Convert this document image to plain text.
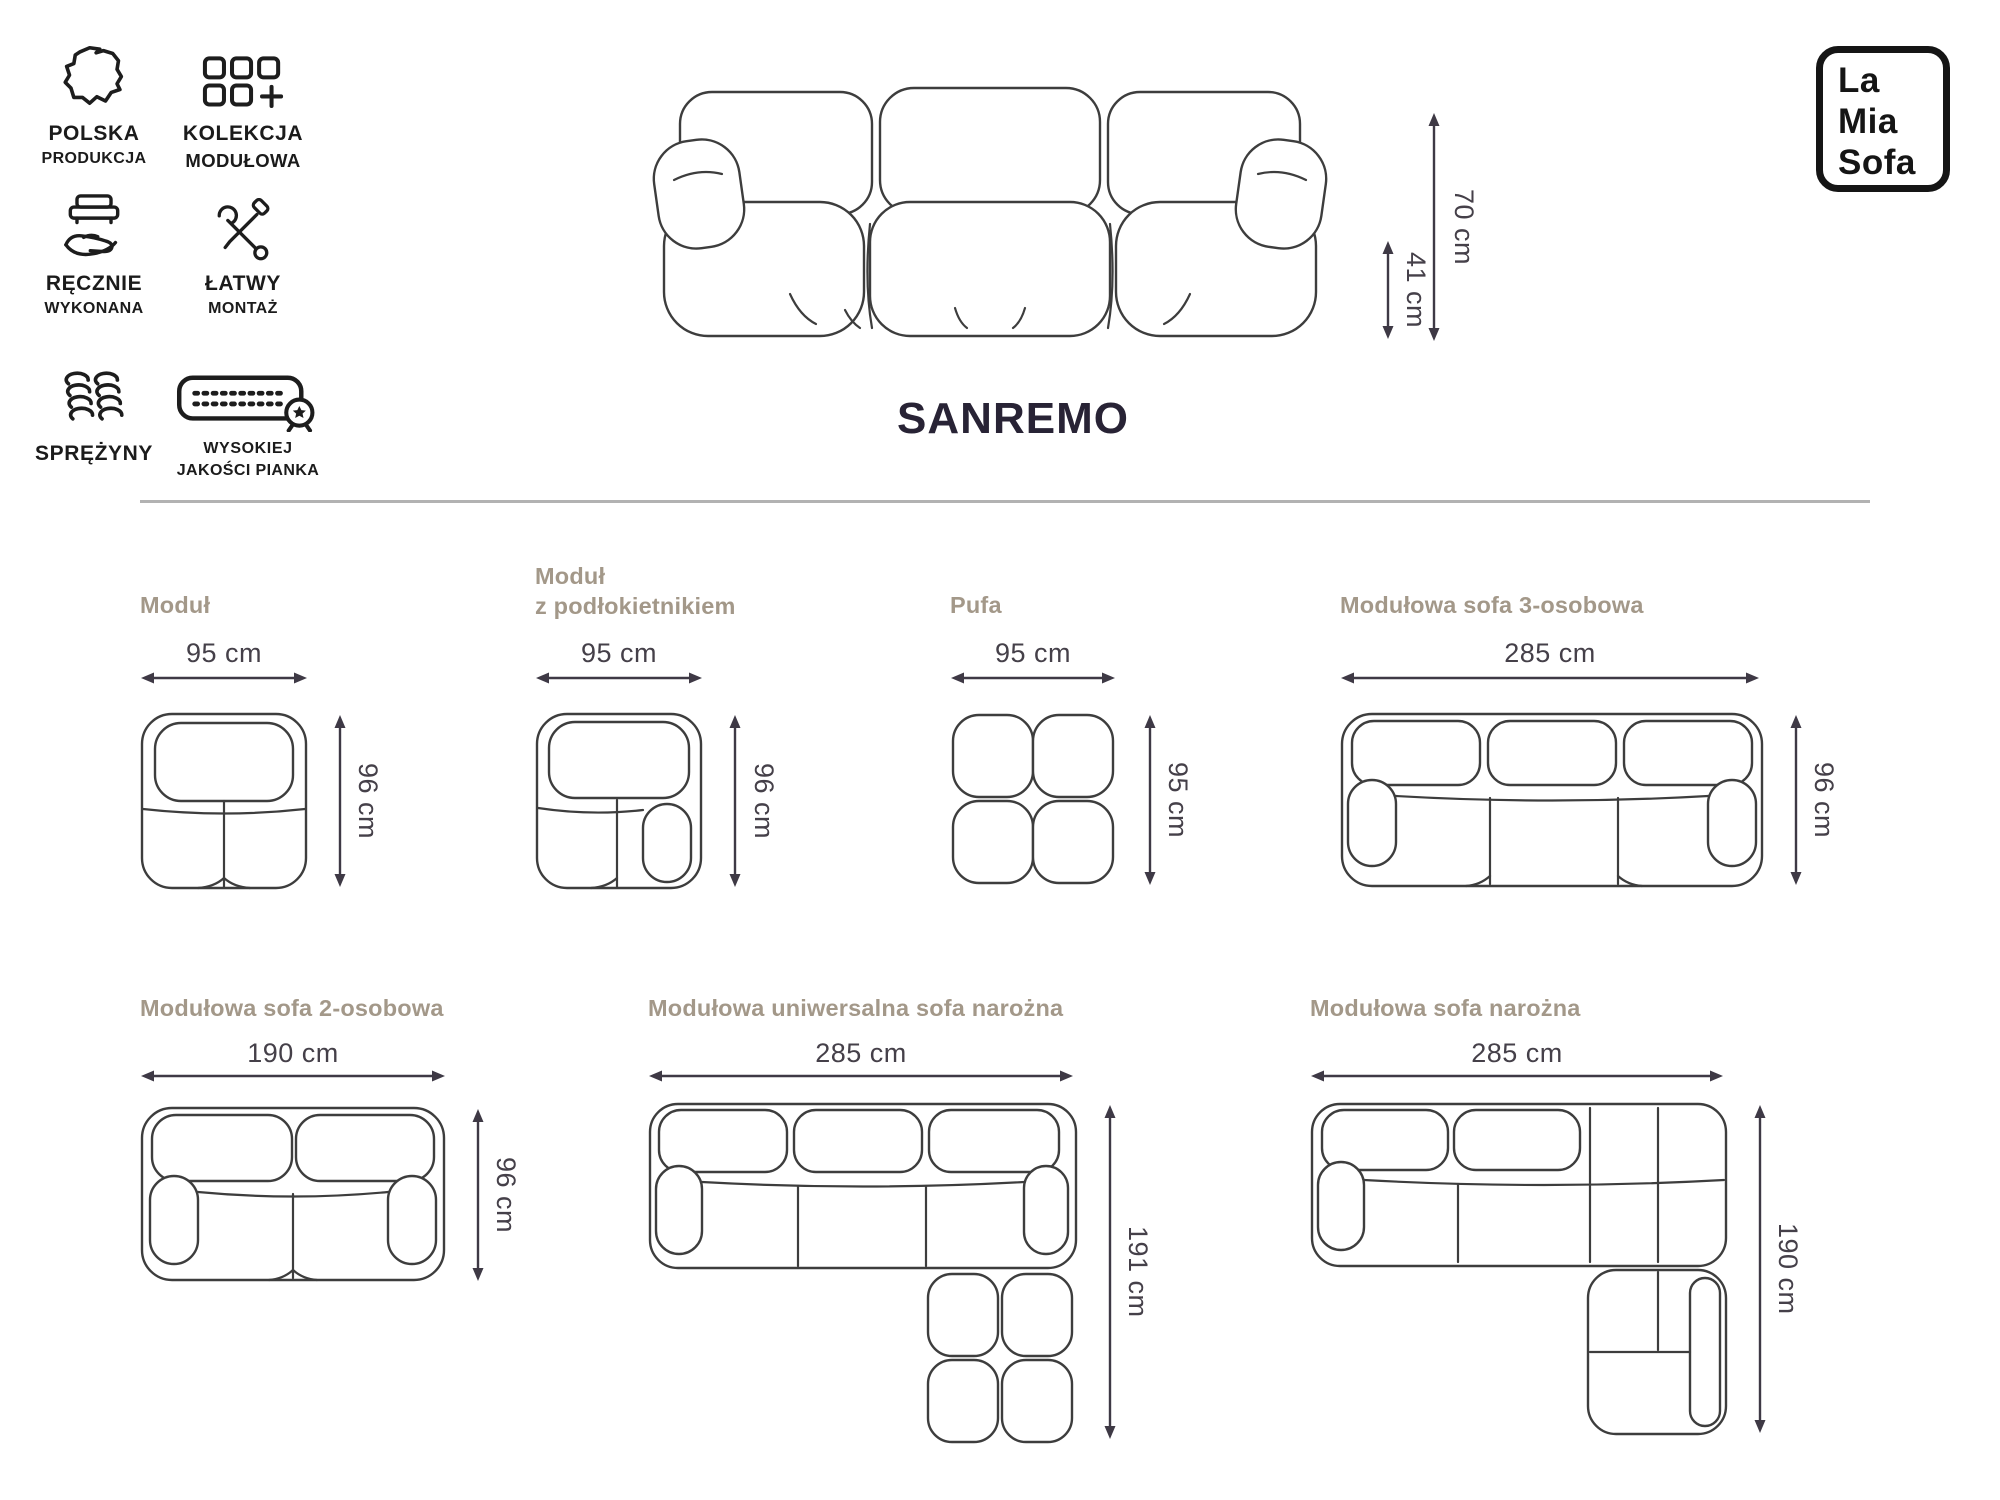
POLSKA
PRODUKCJA
KOLEKCJA
MODUŁOWA
RĘCZNIE
WYKONANA
ŁATWY
MONTAŻ
SPRĘŻYNY	WYSOKIEJ
JAKOŚCI PIANKA
41 cm
70 cm
SANREMO
La
Mia
Sofa
Moduł
95 cm
96 cm
Moduł
z podłokietnikiem
95 cm
96 cm
Pufa
95 cm
95 cm
Modułowa sofa 3-osobowa
285 cm
96 cm
Modułowa sofa 2-osobowa
190 cm
96 cm
Modułowa uniwersalna sofa narożna
285 cm
191 cm
Modułowa sofa narożna
285 cm
190 cm
